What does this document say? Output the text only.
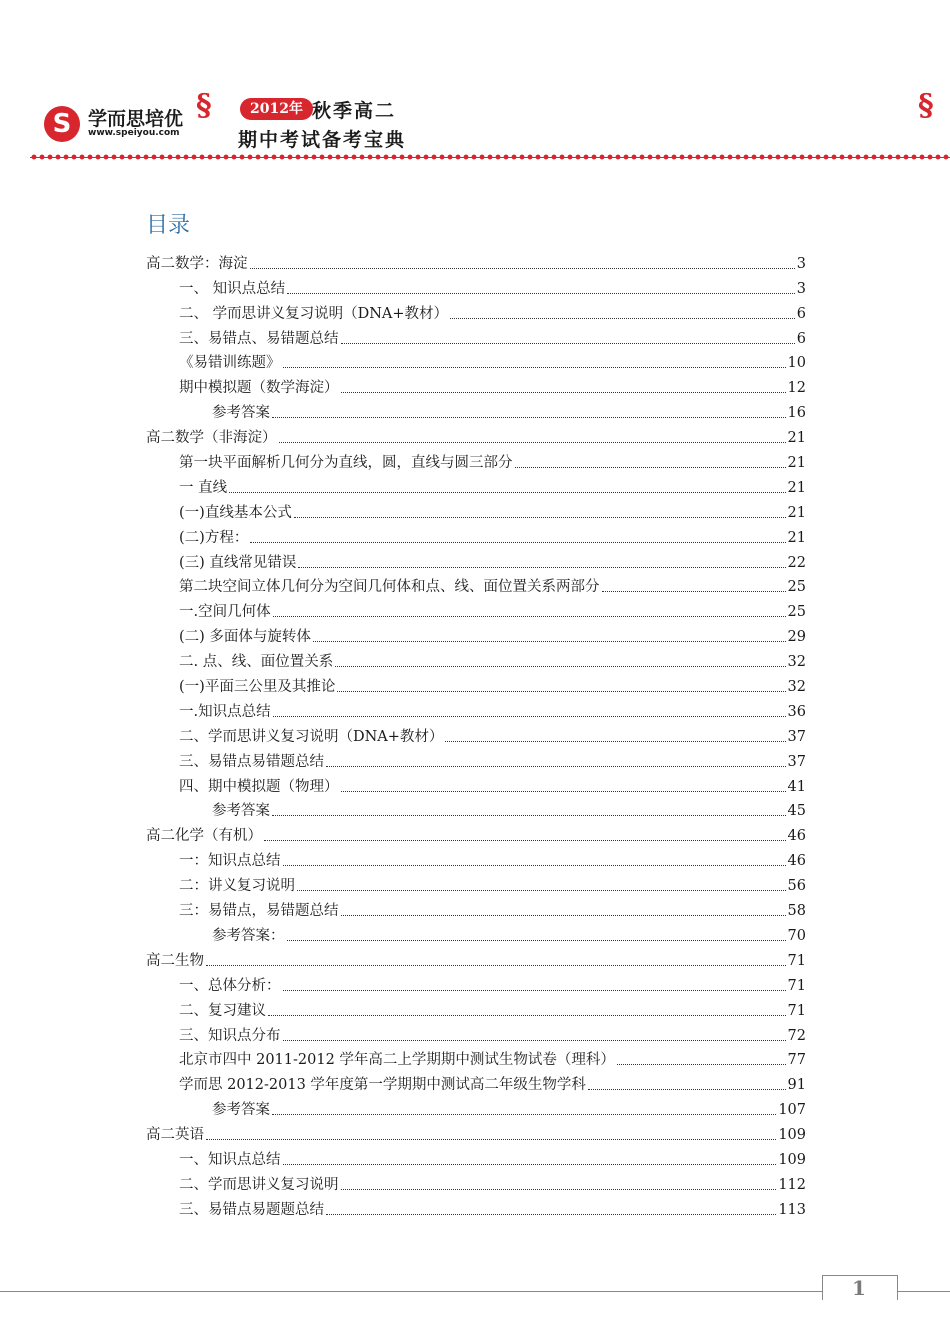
S 学而思培优
www.speiyou.com
§	§
2012年 秋季高二
期中考试备考宝典
目录
高二数学：海淀	3
一、 知识点总结	3
二、 学而思讲义复习说明（DNA+教材）	6
三、易错点、易错题总结	6
《易错训练题》	10
期中模拟题（数学海淀）	12
参考答案	16
高二数学（非海淀）	21
第一块平面解析几何分为直线，圆，直线与圆三部分	21
一 直线	21
(一)直线基本公式	21
(二)方程：	21
(三) 直线常见错误	22
第二块空间立体几何分为空间几何体和点、线、面位置关系两部分	25
一.空间几何体	25
(二) 多面体与旋转体	29
二. 点、线、面位置关系	32
(一)平面三公里及其推论	32
一.知识点总结	36
二、学而思讲义复习说明（DNA+教材）	37
三、易错点易错题总结	37
四、期中模拟题（物理）	41
参考答案	45
高二化学（有机）	46
一：知识点总结	46
二：讲义复习说明	56
三：易错点，易错题总结	58
参考答案：	70
高二生物	71
一、总体分析：	71
二、复习建议	71
三、知识点分布	72
北京市四中 2011-2012 学年高二上学期期中测试生物试卷（理科）	77
学而思 2012-2013 学年度第一学期期中测试高二年级生物学科	91
参考答案	107
高二英语	109
一、知识点总结	109
二、学而思讲义复习说明	112
三、易错点易题题总结	113
1
